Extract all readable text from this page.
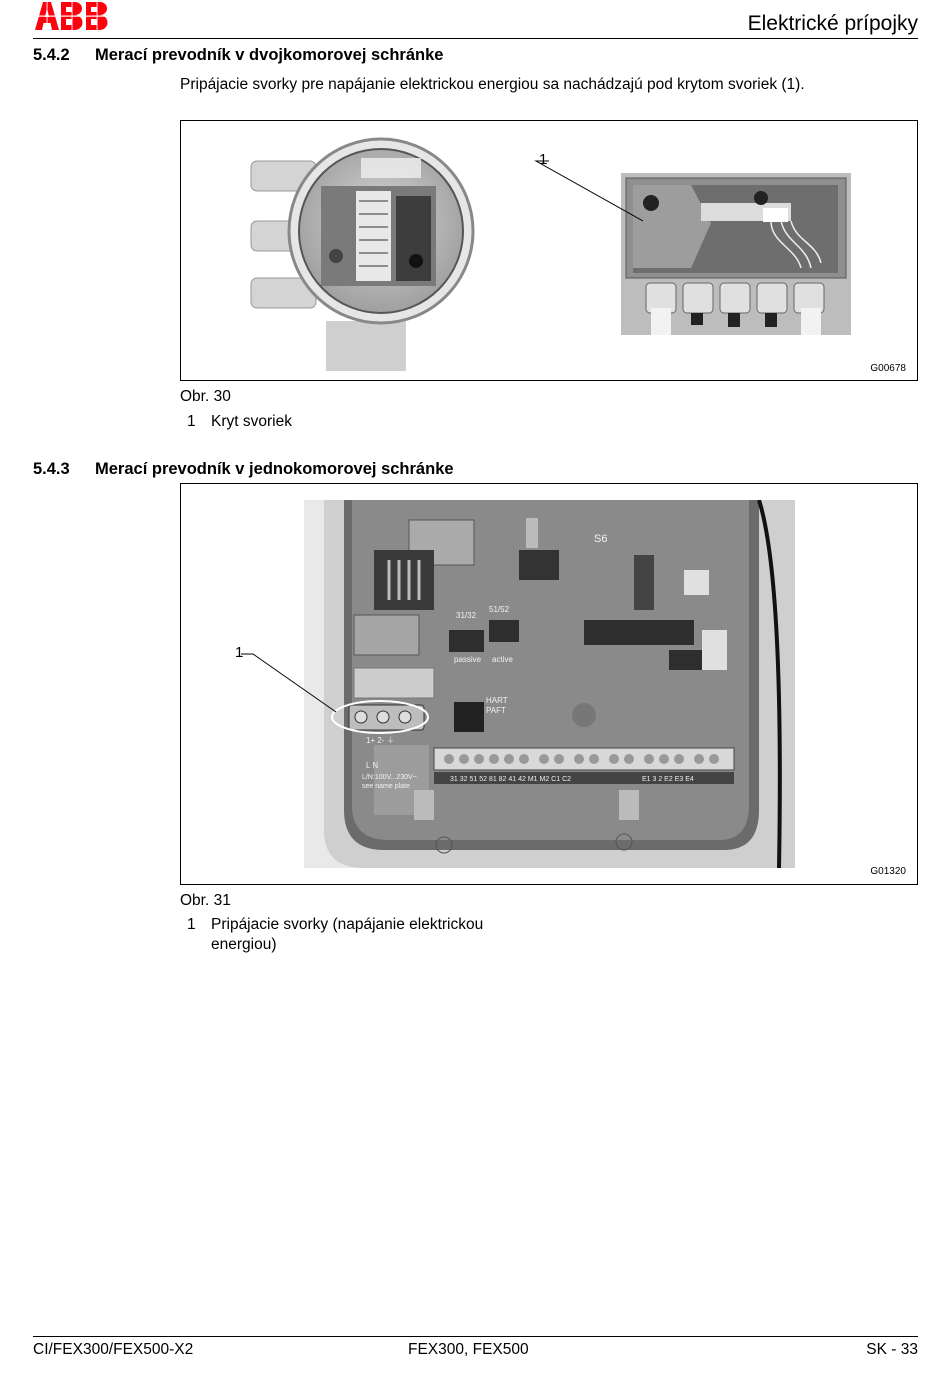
Elektrické prípojky
5.4.2 Merací prevodník v dvojkomorovej schránke
Pripájacie svorky pre napájanie elektrickou energiou sa nachádzajú pod krytom svoriek (1).
1
G00678
Obr. 30
1 Kryt svoriek
5.4.3 Merací prevodník v jednokomorovej schránke
S6
passive active
31/32
51/52
HART
PAFT
1+ 2- ⏚
L N
L/N:100V...230V~
see name plate
31 32 51 52 81 82 41 42 M1 M2 C1 C2	E1 3 2 E2 E3 E4
1
G01320
Obr. 31
1 Pripájacie svorky (napájanie elektrickou
energiou)
CI/FEX300/FEX500-X2	FEX300, FEX500	SK - 33
